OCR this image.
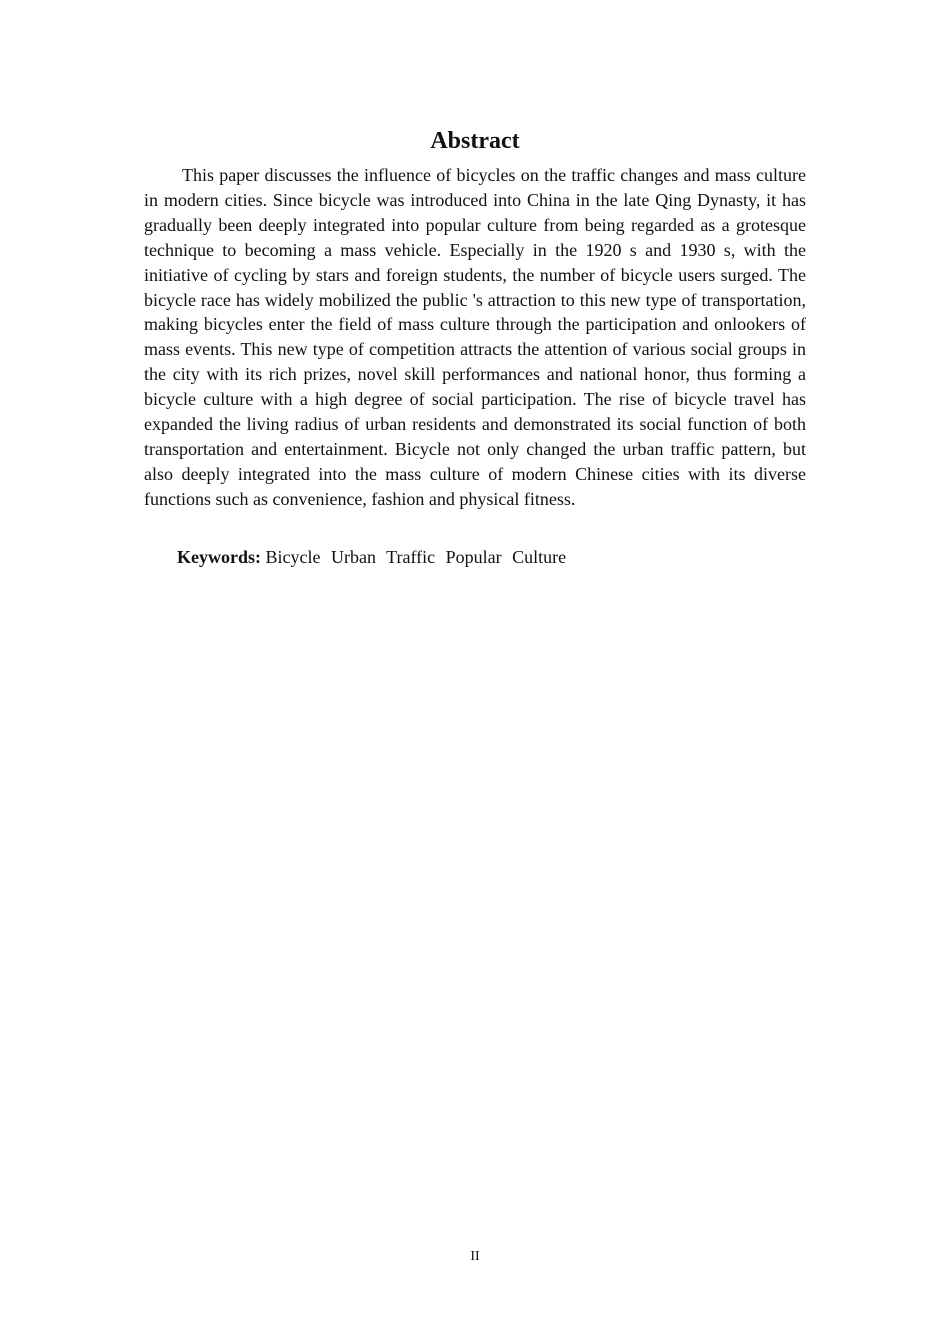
Abstract

This paper discusses the influence of bicycles on the traffic changes and mass culture in modern cities. Since bicycle was introduced into China in the late Qing Dynasty, it has gradually been deeply integrated into popular culture from being regarded as a grotesque technique to becoming a mass vehicle. Especially in the 1920 s and 1930 s, with the initiative of cycling by stars and foreign students, the number of bicycle users surged. The bicycle race has widely mobilized the public 's attraction to this new type of transportation, making bicycles enter the field of mass culture through the participation and onlookers of mass events. This new type of competition attracts the attention of various social groups in the city with its rich prizes, novel skill performances and national honor, thus forming a bicycle culture with a high degree of social participation. The rise of bicycle travel has expanded the living radius of urban residents and demonstrated its social function of both transportation and entertainment. Bicycle not only changed the urban traffic pattern, but also deeply integrated into the mass culture of modern Chinese cities with its diverse functions such as convenience, fashion and physical fitness.

Keywords: Bicycle Urban Traffic Popular Culture

II
